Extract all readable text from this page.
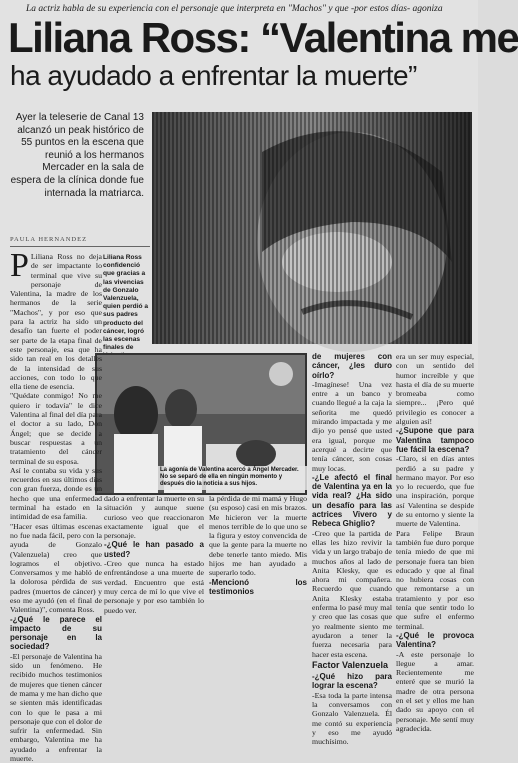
La actriz habla de su experiencia con el personaje que interpreta en "Machos" y que -por estos días- agoniza
Liliana Ross: “Valentina me
ha ayudado a enfrentar la muerte”
Ayer la teleserie de Canal 13 alcanzó un peak histórico de 55 puntos en la escena que reunió a los hermanos Mercader en la sala de espera de la clínica donde fue internada la matriarca.
Liliana Ross confidenció que gracias a las vivencias de Gonzalo Valenzuela, quien perdió a sus padres producto del cáncer, logró las escenas finales de
PAULA HERNANDEZ
La agonía de Valentina acercó a Ángel Mercader. No se separó de ella en ningún momento y después dio la noticia a sus hijos.

P Liliana Ross no deja de ser impactante lo terminal que vive su personaje de Valentina, la madre de los hermanos de la serie "Machos", y por eso que para la actriz ha sido un desafío tan fuerte el poder ser parte de la etapa final de este personaje, esa que ha sido tan real en los detalles de la intensidad de sus acciones, con todo lo que ella tiene de esencia.

"Quédate conmigo! No me quiero ir todavía" le dice Valentina al final del día para el doctor a su lado, Don Ángel; que se decide a buscar respuestas a un tratamiento del cáncer terminal de su esposa.

Así le contaba su vida y sus recuerdos en sus últimos días con gran fuerza, donde es un hecho que una enfermedad terminal ha estado en la intimidad de esa familia.

"Hacer esas últimas escenas no fue nada fácil, pero con la ayuda de Gonzalo (Valenzuela) creo que logramos el objetivo. Conversamos y me habló de la dolorosa pérdida de sus padres (muertos de cáncer) y eso me ayudó (en el final de Valentina)", comenta Ross.

-¿Qué le parece el impacto de su personaje en la sociedad?

-El personaje de Valentina ha sido un fenómeno. He recibido muchos testimonios de mujeres que tienen cáncer de mama y me han dicho que se sienten más identificadas con lo que le pasa a mi personaje que con el dolor de sufrir la enfermedad. Sin embargo, Valentina me ha ayudado a enfrentar la muerte.

dado a enfrentar la muerte en su situación y aunque suene curioso veo que reaccionaron exactamente igual que el personaje.

-¿Qué le han pasado a usted?

-Creo que nunca ha estado enfrentándose a una muerte de verdad. Encuentro que está muy cerca de mí lo que vive el personaje y por eso también lo puedo ver.

la pérdida de mi mamá y Hugo (su esposo) casi en mis brazos. Me hicieron ver la muerte menos terrible de lo que uno se la figura y estoy convencida de que la gente para la muerte no debe tenerle tanto miedo. Mis hijos me han ayudado a superarlo todo.

-Mencionó los testimonios

de mujeres con cáncer, ¿les duro oírlo?

-Imagínese! Una vez entre a un banco y cuando llegué a la caja la señorita me quedó mirando impactada y me dijo yo pensé que usted era igual, porque me acerqué a decirte que tenía cáncer, son cosas muy locas.

-¿Le afectó el final de Valentina ya en la vida real? ¿Ha sido un desafío para las actrices Vivero y Rebeca Ghiglio?

-Creo que la partida de ellas les hizo revivir la vida y un largo trabajo de muchos años al lado de Anita Klesky, que es ahora mi compañera. Recuerdo que cuando Anita Klesky estaba enferma lo pasé muy mal y creo que las cosas que yo realmente siento me ayudaron a tener la fuerza necesaria para hacer esta escena.

Factor Valenzuela

-¿Qué hizo para lograr la escena?

-Esa toda la parte intensa la conversamos con Gonzalo Valenzuela. Él me contó su experiencia y eso me ayudó muchísimo.

era un ser muy especial, con un sentido del humor increíble y que hasta el día de su muerte bromeaba como siempre... ¡Pero qué privilegio es conocer a alguien así!

-¿Supone que para Valentina tampoco fue fácil la escena?

-Claro, si en días antes perdió a su padre y hermano mayor. Por eso yo lo recuerdo, que fue una inspiración, porque así Valentina se despide de su entorno y siente la muerte de Valentina.

Para Felipe Braun también fue duro porque tenía miedo de que mi personaje fuera tan bien educado y que al final no hubiera cosas con que remontarse a un tratamiento y por eso tenía que sentir todo lo que sufre el enfermo terminal.

-¿Qué le provoca Valentina?

-A este personaje lo llegue a amar. Recientemente me enteré que se murió la madre de otra persona en el set y ellos me han dado su apoyo con el personaje. Me sentí muy agradecida.
